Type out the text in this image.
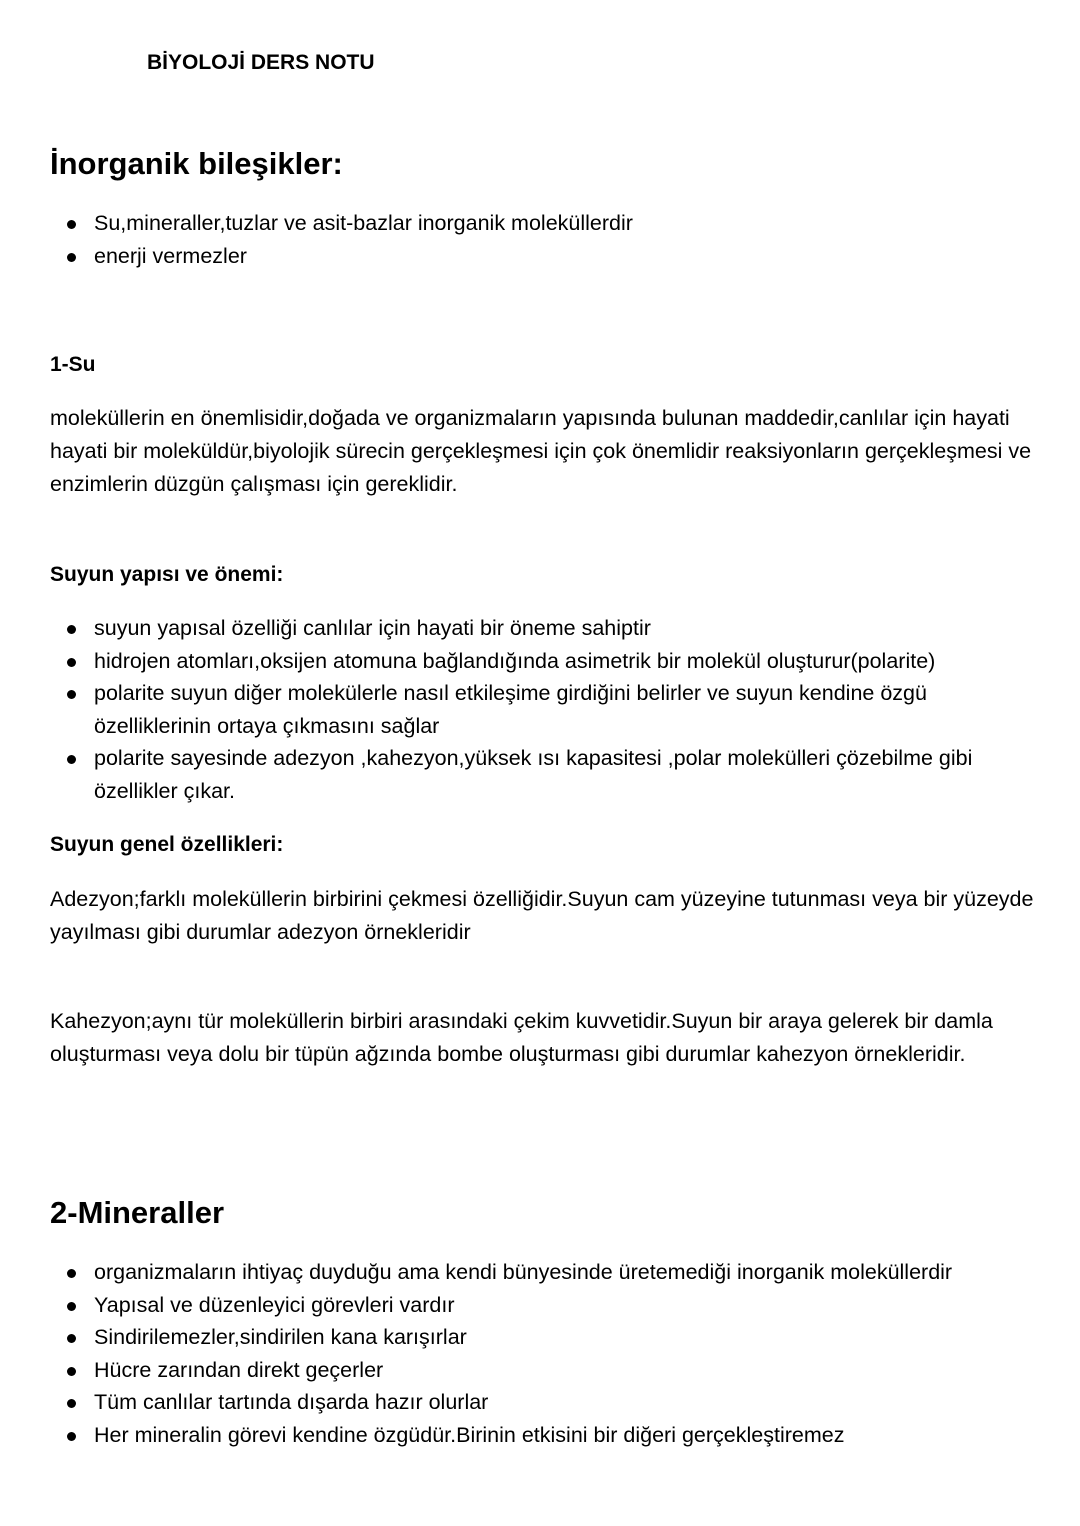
BİYOLOJİ DERS NOTU

İnorganik bileşikler:
Su,mineraller,tuzlar ve asit-bazlar inorganik moleküllerdir
enerji vermezler
1-Su

moleküllerin en önemlisidir,doğada ve organizmaların yapısında bulunan maddedir,canlılar için hayati hayati bir moleküldür,biyolojik sürecin gerçekleşmesi için çok önemlidir reaksiyonların gerçekleşmesi ve enzimlerin düzgün çalışması için gereklidir.

Suyun yapısı ve önemi:
suyun yapısal özelliği canlılar için hayati bir öneme sahiptir
hidrojen atomları,oksijen atomuna bağlandığında asimetrik bir molekül oluşturur(polarite)
polarite suyun diğer molekülerle nasıl etkileşime girdiğini belirler ve suyun kendine özgü özelliklerinin ortaya çıkmasını sağlar
polarite sayesinde adezyon ,kahezyon,yüksek ısı kapasitesi ,polar molekülleri çözebilme gibi özellikler çıkar.
Suyun genel özellikleri:

Adezyon;farklı moleküllerin birbirini çekmesi özelliğidir.Suyun cam yüzeyine tutunması veya bir yüzeyde yayılması gibi durumlar adezyon örnekleridir

Kahezyon;aynı tür moleküllerin birbiri arasındaki çekim kuvvetidir.Suyun bir araya gelerek bir damla oluşturması veya dolu bir tüpün ağzında bombe oluşturması gibi durumlar kahezyon örnekleridir.

2-Mineraller
organizmaların ihtiyaç duyduğu ama kendi bünyesinde üretemediği inorganik moleküllerdir
Yapısal ve düzenleyici görevleri vardır
Sindirilemezler,sindirilen kana karışırlar
Hücre zarından direkt geçerler
Tüm canlılar tartında dışarda hazır olurlar
Her mineralin görevi kendine özgüdür.Birinin etkisini bir diğeri gerçekleştiremez
